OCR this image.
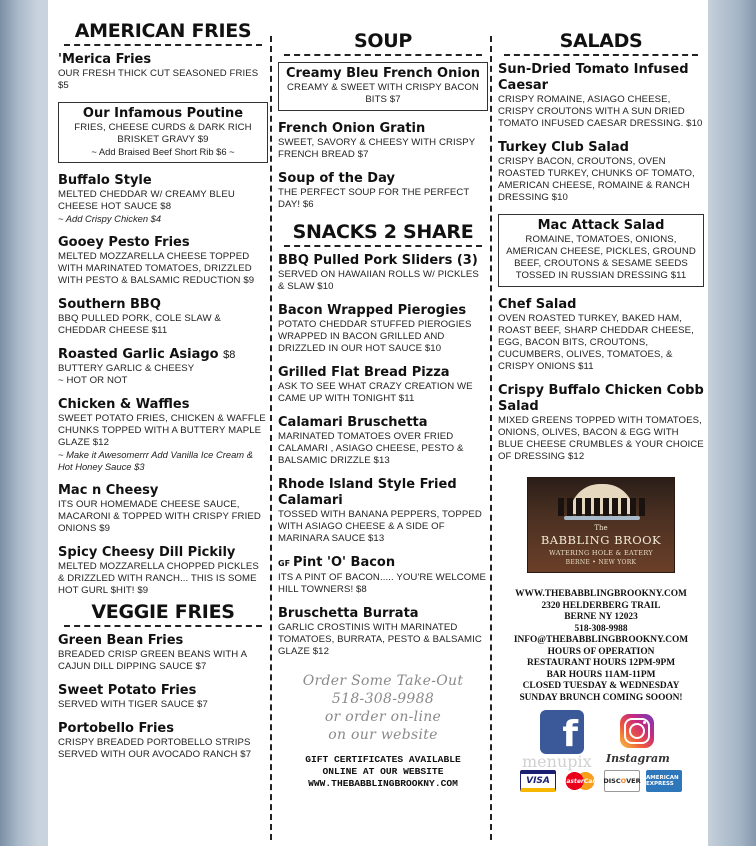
AMERICAN FRIES
'Merica Fries
OUR FRESH THICK CUT SEASONED FRIES $5
Our Infamous Poutine
FRIES, CHEESE CURDS & DARK RICH BRISKET GRAVY $9
~ Add Braised Beef Short Rib $6 ~
Buffalo Style
MELTED CHEDDAR W/ CREAMY BLEU CHEESE HOT SAUCE $8
~ Add Crispy Chicken $4
Gooey Pesto Fries
MELTED MOZZARELLA CHEESE TOPPED WITH MARINATED TOMATOES, DRIZZLED WITH PESTO & BALSAMIC REDUCTION $9
Southern BBQ
BBQ PULLED PORK, COLE SLAW & CHEDDAR CHEESE $11
Roasted Garlic Asiago $8
BUTTERY GARLIC & CHEESY
~ HOT OR NOT
Chicken & Waffles
SWEET POTATO FRIES, CHICKEN & WAFFLE CHUNKS TOPPED WITH A BUTTERY MAPLE GLAZE $12
~ Make it Awesomerrr Add Vanilla Ice Cream & Hot Honey Sauce $3
Mac n Cheesy
ITS OUR HOMEMADE CHEESE SAUCE, MACARONI & TOPPED WITH CRISPY FRIED ONIONS $9
Spicy Cheesy Dill Pickily
MELTED MOZZARELLA CHOPPED PICKLES & DRIZZLED WITH RANCH... THIS IS SOME HOT GURL $HIT! $9
VEGGIE FRIES
Green Bean Fries
BREADED CRISP GREEN BEANS WITH A CAJUN DILL DIPPING SAUCE $7
Sweet Potato Fries
SERVED WITH TIGER SAUCE $7
Portobello Fries
CRISPY BREADED PORTOBELLO STRIPS SERVED WITH OUR AVOCADO RANCH $7
SOUP
Creamy Bleu French Onion
CREAMY & SWEET WITH CRISPY BACON BITS $7
French Onion Gratin
SWEET, SAVORY & CHEESY WITH CRISPY FRENCH BREAD $7
Soup of the Day
THE PERFECT SOUP FOR THE PERFECT DAY! $6
SNACKS 2 SHARE
BBQ Pulled Pork Sliders (3)
SERVED ON HAWAIIAN ROLLS W/ PICKLES & SLAW $10
Bacon Wrapped Pierogies
POTATO CHEDDAR STUFFED PIEROGIES WRAPPED IN BACON GRILLED AND DRIZZLED IN OUR HOT SAUCE $10
Grilled Flat Bread Pizza
ASK TO SEE WHAT CRAZY CREATION WE CAME UP WITH TONIGHT $11
Calamari Bruschetta
MARINATED TOMATOES OVER FRIED CALAMARI , ASIAGO CHEESE, PESTO & BALSAMIC DRIZZLE $13
Rhode Island Style Fried Calamari
TOSSED WITH BANANA PEPPERS, TOPPED WITH ASIAGO CHEESE & A SIDE OF MARINARA SAUCE $13
GF Pint 'O' Bacon
ITS A PINT OF BACON..... YOU'RE WELCOME HILL TOWNERS! $8
Bruschetta Burrata
GARLIC CROSTINIS WITH MARINATED TOMATOES, BURRATA, PESTO & BALSAMIC GLAZE $12
Order Some Take-Out
518-308-9988
or order on-line
on our website
GIFT CERTIFICATES AVAILABLE
ONLINE AT OUR WEBSITE
WWW.THEBABBLINGBROOKNY.COM
SALADS
Sun-Dried Tomato Infused Caesar
CRISPY ROMAINE, ASIAGO CHEESE, CRISPY CROUTONS WITH A SUN DRIED TOMATO INFUSED CAESAR DRESSING. $10
Turkey Club Salad
CRISPY BACON, CROUTONS, OVEN ROASTED TURKEY, CHUNKS OF TOMATO, AMERICAN CHEESE, ROMAINE & RANCH DRESSING $10
Mac Attack Salad
ROMAINE, TOMATOES, ONIONS, AMERICAN CHEESE, PICKLES, GROUND BEEF, CROUTONS & SESAME SEEDS TOSSED IN RUSSIAN DRESSING $11
Chef Salad
OVEN ROASTED TURKEY, BAKED HAM, ROAST BEEF, SHARP CHEDDAR CHEESE, EGG, BACON BITS, CROUTONS, CUCUMBERS, OLIVES, TOMATOES, & CRISPY ONIONS $11
Crispy Buffalo Chicken Cobb Salad
MIXED GREENS TOPPED WITH TOMATOES, ONIONS, OLIVES, BACON & EGG WITH BLUE CHEESE CRUMBLES & YOUR CHOICE OF DRESSING $12
The
BABBLING BROOK
WATERING HOLE & EATERY
BERNE • NEW YORK
WWW.THEBABBLINGBROOKNY.COM
2320 HELDERBERG TRAIL
BERNE NY 12023
518-308-9988
INFO@THEBABBLINGBROOKNY.COM
HOURS OF OPERATION
RESTAURANT HOURS 12PM-9PM
BAR HOURS 11AM-11PM
CLOSED TUESDAY & WEDNESDAY
SUNDAY BRUNCH COMING SOOON!
f
Instagram
VISA	MasterCard DISC O VER AMERICAN EXPRESS
menupix
